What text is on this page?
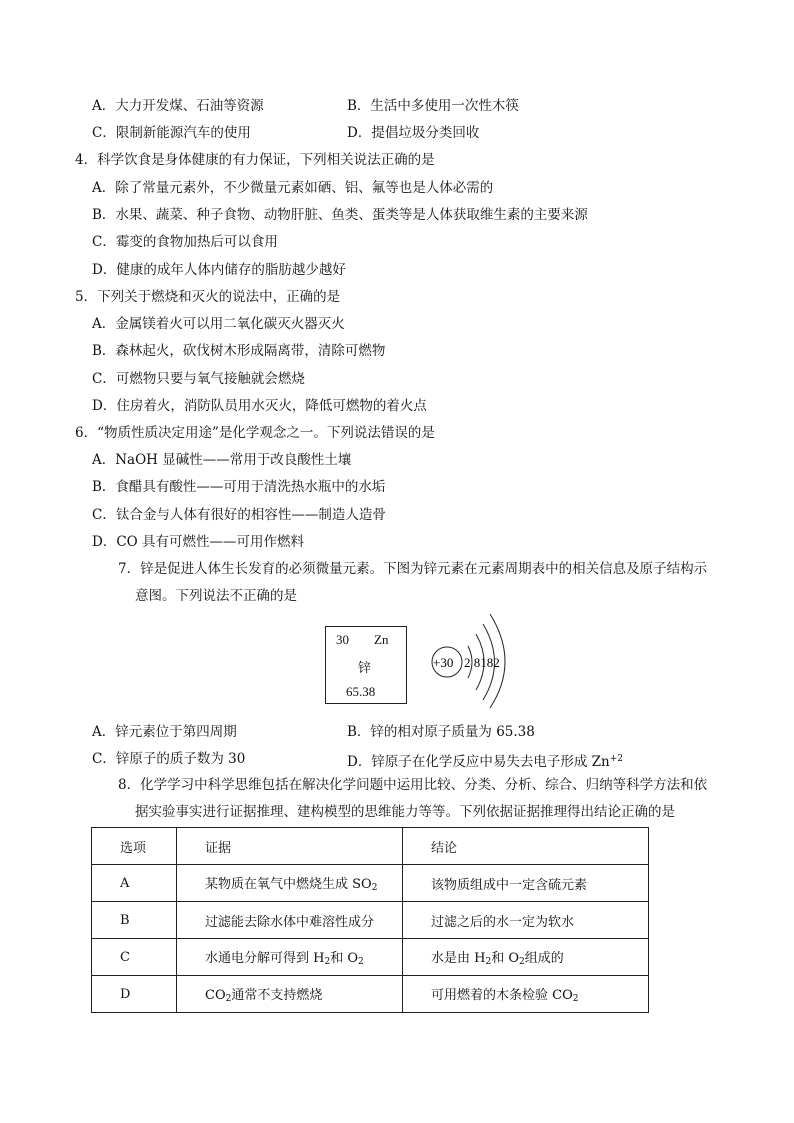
A．大力开发煤、石油等资源	B．生活中多使用一次性木筷
C．限制新能源汽车的使用	D．提倡垃圾分类回收
4．科学饮食是身体健康的有力保证，下列相关说法正确的是
A．除了常量元素外，不少微量元素如硒、铝、氟等也是人体必需的
B．水果、蔬菜、种子食物、动物肝脏、鱼类、蛋类等是人体获取维生素的主要来源
C．霉变的食物加热后可以食用
D．健康的成年人体内储存的脂肪越少越好
5．下列关于燃烧和灭火的说法中，正确的是
A．金属镁着火可以用二氧化碳灭火器灭火
B．森林起火，砍伐树木形成隔离带，清除可燃物
C．可燃物只要与氧气接触就会燃烧
D．住房着火，消防队员用水灭火，降低可燃物的着火点
6．“物质性质决定用途”是化学观念之一。下列说法错误的是
A．NaOH 显碱性——常用于改良酸性土壤
B．食醋具有酸性——可用于清洗热水瓶中的水垢
C．钛合金与人体有很好的相容性——制造人造骨
D．CO 具有可燃性——可用作燃料
7．锌是促进人体生长发育的必须微量元素。下图为锌元素在元素周期表中的相关信息及原子结构示
意图。下列说法不正确的是
30 Zn
锌
65.38
+30 2 8182
A．锌元素位于第四周期	B．锌的相对原子质量为 65.38
C．锌原子的质子数为 30	D．锌原子在化学反应中易失去电子形成 $Zn^{+2}$
8．化学学习中科学思维包括在解决化学问题中运用比较、分类、分析、综合、归纳等科学方法和依
据实验事实进行证据推理、建构模型的思维能力等等。下列依据证据推理得出结论正确的是
选项	证据	结论
A	某物质在氧气中燃烧生成 $SO_2$	该物质组成中一定含硫元素
B	过滤能去除水体中难溶性成分	过滤之后的水一定为软水
C	水通电分解可得到 $H_2$和 $O_2$	水是由 $H_2$和 $O_2$组成的
D	$CO_2$通常不支持燃烧	可用燃着的木条检验 $CO_2$
